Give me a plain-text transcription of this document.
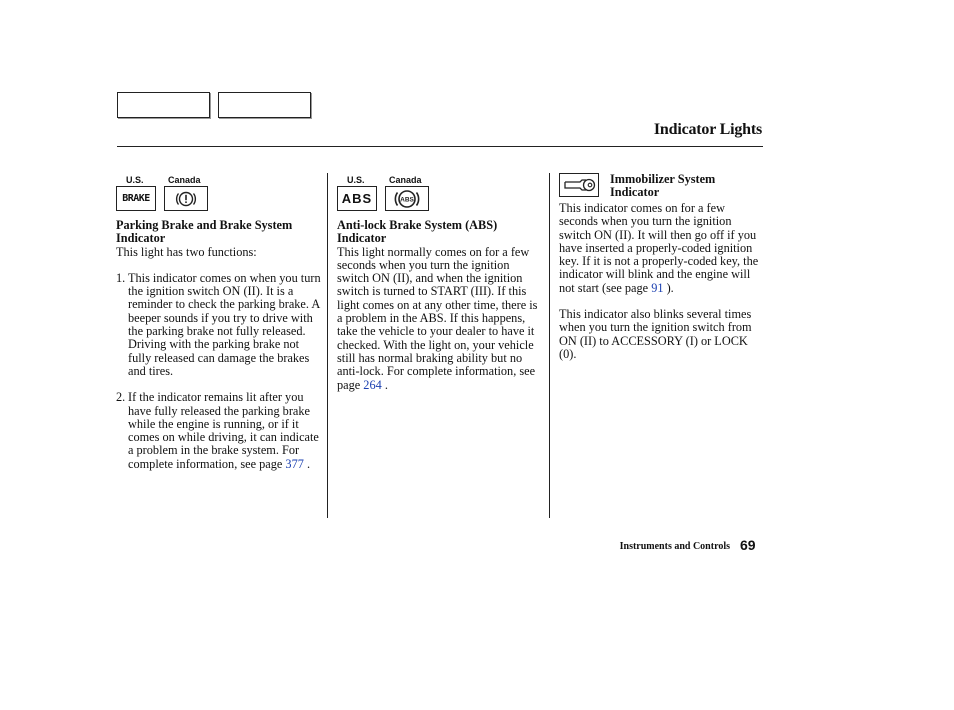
Indicator Lights
U.S.	Canada
BRAKE
Parking Brake and Brake System Indicator

This light has two functions:

1. This indicator comes on when you turn the ignition switch ON (II). It is a reminder to check the parking brake. A beeper sounds if you try to drive with the parking brake not fully released. Driving with the parking brake not fully released can damage the brakes and tires.
2. If the indicator remains lit after you have fully released the parking brake while the engine is running, or if it comes on while driving, it can indicate a problem in the brake system. For complete information, see page 377 .
U.S.	Canada
ABS	ABS
Anti-lock Brake System (ABS) Indicator

This light normally comes on for a few seconds when you turn the ignition switch ON (II), and when the ignition switch is turned to START (III). If this light comes on at any other time, there is a problem in the ABS. If this happens, take the vehicle to your dealer to have it checked. With the light on, your vehicle still has normal braking ability but no anti-lock. For complete information, see page 264 .

Immobilizer System Indicator

This indicator comes on for a few seconds when you turn the ignition switch ON (II). It will then go off if you have inserted a properly-coded ignition key. If it is not a properly-coded key, the indicator will blink and the engine will not start (see page 91 ).

This indicator also blinks several times when you turn the ignition switch from ON (II) to ACCESSORY (I) or LOCK (0).

Instruments and Controls 69
